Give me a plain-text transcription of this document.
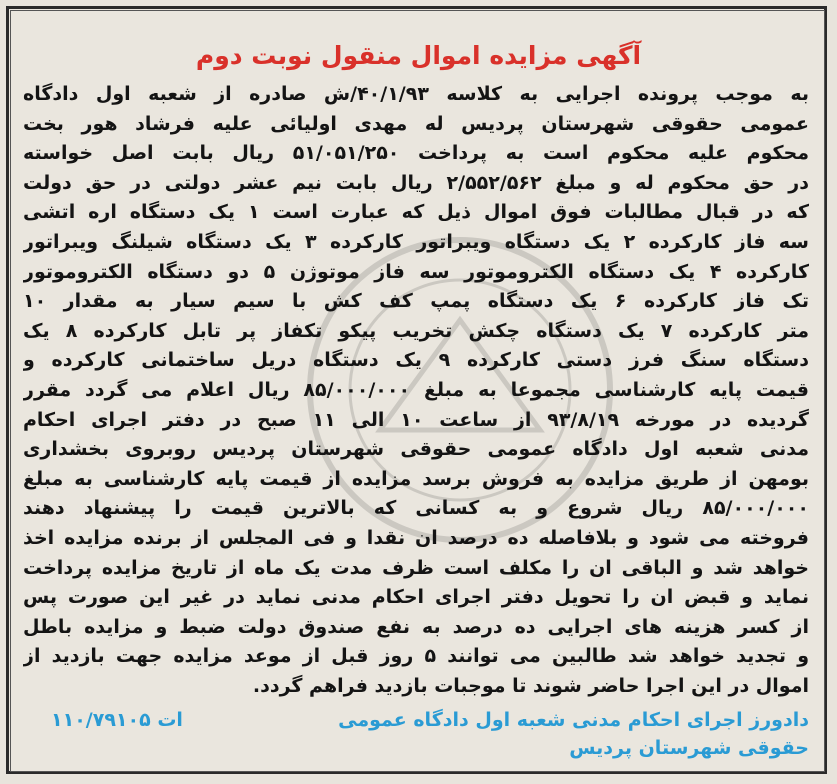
آگهی مزایده اموال منقول نوبت دوم
به موجب پرونده اجرایی به کلاسه ۴۰/۱/۹۳/ش صادره از شعبه اول دادگاه
عمومی حقوقی شهرستان پردیس له مهدی اولیائی علیه فرشاد هور بخت
محکوم علیه محکوم است به پرداخت ۵۱/۰۵۱/۲۵۰ ریال بابت اصل خواسته
در حق محکوم له و مبلغ ۲/۵۵۲/۵۶۲ ریال بابت نیم عشر دولتی در حق دولت
که در قبال مطالبات فوق اموال ذیل که عبارت است ۱ یک دستگاه اره اتشی
سه فاز کارکرده ۲ یک دستگاه ویبراتور کارکرده ۳ یک دستگاه شیلنگ ویبراتور
کارکرده ۴ یک دستگاه الکتروموتور سه فاز موتوژن ۵ دو دستگاه الکتروموتور
تک فاز کارکرده ۶ یک دستگاه پمپ کف کش با سیم سیار به مقدار ۱۰
متر کارکرده ۷ یک دستگاه چکش تخریب پیکو تکفاز پر تابل کارکرده ۸ یک
دستگاه سنگ فرز دستی کارکرده ۹ یک دستگاه دریل ساختمانی کارکرده و
قیمت پایه کارشناسی مجموعا به مبلغ ۸۵/۰۰۰/۰۰۰ ریال اعلام می گردد مقرر
گردیده در مورخه ۹۳/۸/۱۹ از ساعت ۱۰ الی ۱۱ صبح در دفتر اجرای احکام
مدنی شعبه اول دادگاه عمومی حقوقی شهرستان پردیس روبروی بخشداری
بومهن از طریق مزایده به فروش برسد مزایده از قیمت پایه کارشناسی به مبلغ
۸۵/۰۰۰/۰۰۰ ریال شروع و به کسانی که بالاترین قیمت را پیشنهاد دهند
فروخته می شود و بلافاصله ده درصد ان نقدا و فی المجلس از برنده مزایده اخذ
خواهد شد و الباقی ان را مکلف است ظرف مدت یک ماه از تاریخ مزایده پرداخت
نماید و قبض ان را تحویل دفتر اجرای احکام مدنی نماید در غیر این صورت پس
از کسر هزینه های اجرایی ده درصد به نفع صندوق دولت ضبط و مزایده باطل
و تجدید خواهد شد طالبین می توانند ۵ روز قبل از موعد مزایده جهت بازدید از
اموال در این اجرا حاضر شوند تا موجبات بازدید فراهم گردد.
دادورز اجرای احکام مدنی شعبه اول دادگاه عمومی
۱۱۰/۷۹۱۰۵ ات
حقوقی شهرستان پردیس
